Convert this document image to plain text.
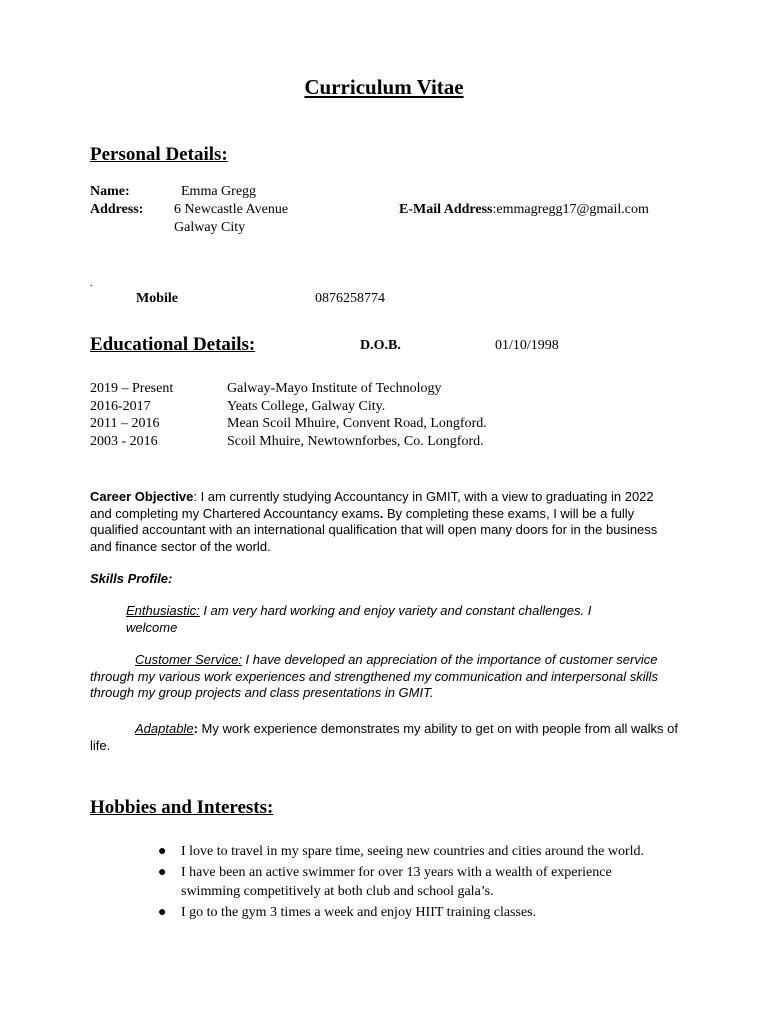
Curriculum Vitae
Personal Details:
Name:	Emma Gregg
Address: 6 Newcastle Avenue
Galway City
E-Mail Address:emmagregg17@gmail.com
.
Mobile	0876258774
Educational Details:	D.O.B.	01/10/1998
2019 – Present	Galway-Mayo Institute of Technology
2016-2017	Yeats College, Galway City.
2011 – 2016	Mean Scoil Mhuire, Convent Road, Longford.
2003 - 2016	Scoil Mhuire, Newtownforbes, Co. Longford.
Career Objective: I am currently studying Accountancy in GMIT, with a view to graduating in 2022 and completing my Chartered Accountancy exams. By completing these exams, I will be a fully qualified accountant with an international qualification that will open many doors for in the business and finance sector of the world.
Skills Profile:
Enthusiastic: I am very hard working and enjoy variety and constant challenges. I welcome
Customer Service: I have developed an appreciation of the importance of customer service through my various work experiences and strengthened my communication and interpersonal skills through my group projects and class presentations in GMIT.
Adaptable: My work experience demonstrates my ability to get on with people from all walks of life.
Hobbies and Interests:
● I love to travel in my spare time, seeing new countries and cities around the world.
● I have been an active swimmer for over 13 years with a wealth of experience swimming competitively at both club and school gala’s.
● I go to the gym 3 times a week and enjoy HIIT training classes.
